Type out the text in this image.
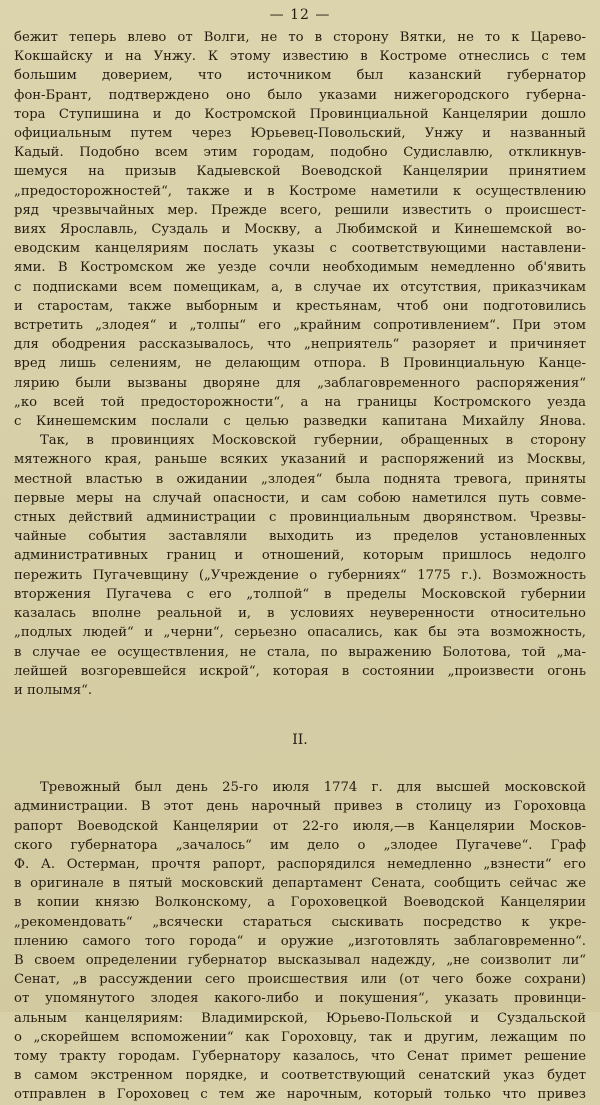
— 12 —
бежит теперь влево от Волги, не то в сторону Вятки, не то к Царево-
Кокшайску и на Унжу. К этому известию в Костроме отнеслись с тем
большим доверием, что источником был казанский губернатор
фон-Брант, подтверждено оно было указами нижегородского губерна-
тора Ступишина и до Костромской Провинциальной Канцелярии дошло
официальным путем через Юрьевец-Повольский, Унжу и названный
Кадый. Подобно всем этим городам, подобно Судиславлю, откликнув-
шемуся на призыв Кадыевской Воеводской Канцелярии принятием
„предосторожностей“, также и в Костроме наметили к осуществлению
ряд чрезвычайных мер. Прежде всего, решили известить о происшест-
виях Ярославль, Суздаль и Москву, а Любимской и Кинешемской во-
еводским канцеляриям послать указы с соответствующими наставлени-
ями. В Костромском же уезде сочли необходимым немедленно об'явить
с подписками всем помещикам, а, в случае их отсутствия, приказчикам
и старостам, также выборным и крестьянам, чтоб они подготовились
встретить „злодея“ и „толпы“ его „крайним сопротивлением“. При этом
для ободрения рассказывалось, что „неприятель“ разоряет и причиняет
вред лишь селениям, не делающим отпора. В Провинциальную Канце-
лярию были вызваны дворяне для „заблаговременного распоряжения“
„ко всей той предосторожности“, а на границы Костромского уезда
с Кинешемским послали с целью разведки капитана Михайлу Янова.
Так, в провинциях Московской губернии, обращенных в сторону
мятежного края, раньше всяких указаний и распоряжений из Москвы,
местной властью в ожидании „злодея“ была поднята тревога, приняты
первые меры на случай опасности, и сам собою наметился путь совме-
стных действий администрации с провинциальным дворянством. Чрезвы-
чайные события заставляли выходить из пределов установленных
административных границ и отношений, которым пришлось недолго
пережить Пугачевщину („Учреждение о губерниях“ 1775 г.). Возможность
вторжения Пугачева с его „толпой“ в пределы Московской губернии
казалась вполне реальной и, в условиях неуверенности относительно
„подлых людей“ и „черни“, серьезно опасались, как бы эта возможность,
в случае ее осуществления, не стала, по выражению Болотова, той „ма-
лейшей возгоревшейся искрой“, которая в состоянии „произвести огонь
и полымя“.
II.
Тревожный был день 25-го июля 1774 г. для высшей московской
администрации. В этот день нарочный привез в столицу из Гороховца
рапорт Воеводской Канцелярии от 22-го июля,—в Канцелярии Москов-
ского губернатора „зачалось“ им дело о „злодее Пугачеве“. Граф
Ф. А. Остерман, прочтя рапорт, распорядился немедленно „взнести“ его
в оригинале в пятый московский департамент Сената, сообщить сейчас же
в копии князю Волконскому, а Гороховецкой Воеводской Канцелярии
„рекомендовать“ „всячески стараться сыскивать посредство к укре-
плению самого того города“ и оружие „изготовлять заблаговременно“.
В своем определении губернатор высказывал надежду, „не соизволит ли“
Сенат, „в рассуждении сего происшествия или (от чего боже сохрани)
от упомянутого злодея какого-либо и покушения“, указать провинци-
альным канцеляриям: Владимирской, Юрьево-Польской и Суздальской
о „скорейшем вспоможении“ как Гороховцу, так и другим, лежащим по
тому тракту городам. Губернатору казалось, что Сенат примет решение
в самом экстренном порядке, и соответствующий сенатский указ будет
отправлен в Гороховец с тем же нарочным, который только что привез
